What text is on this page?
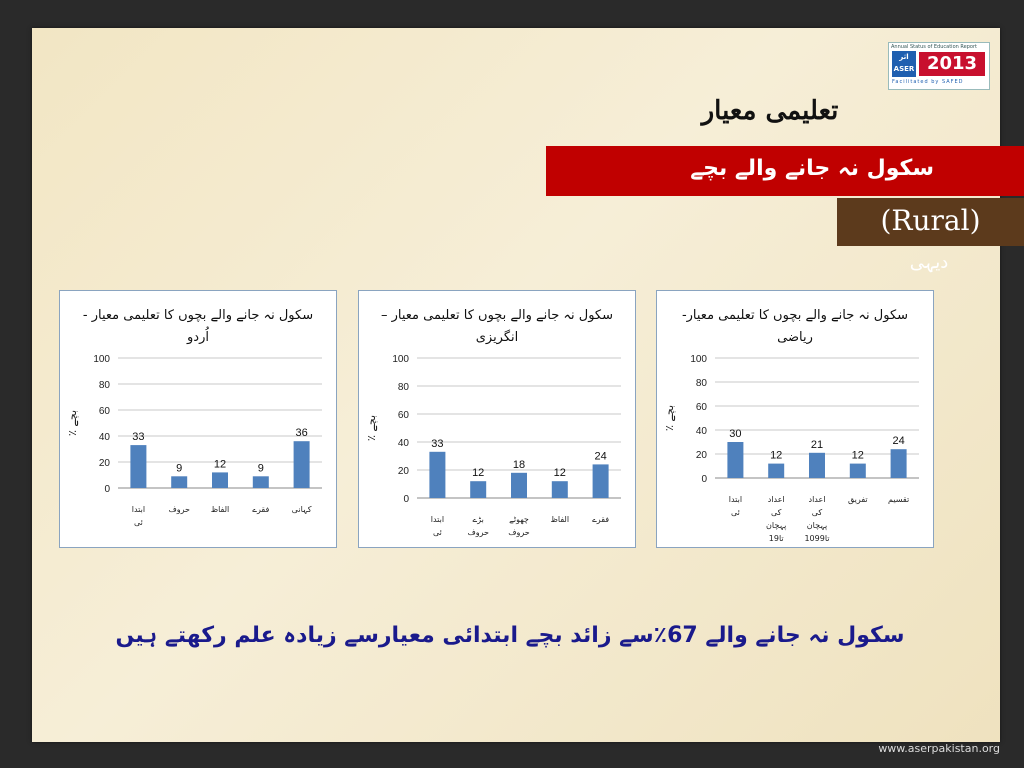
Annual Status of Education Report
اثر
ASER 2013
Facilitated by SAFED
تعلیمی معیار
سکول نہ جانے والے بچے
(Rural)
دیہی
سکول نہ جانے والے بچوں کا تعلیمی معیار - اُردو
0
20
40
60
80
100
٪ بچے
33
ابتدا ئی
9
حروف
12
الفاظ
9
فقرے
36
کہانی
سکول نہ جانے والے بچوں کا تعلیمی معیار –انگریزی
0
20
40
60
80
100
٪ بچے
33
ابتدا ئی
12
بڑے حروف
18
چھوٹے حروف
12
الفاظ
24
فقرے
سکول نہ جانے والے بچوں کا تعلیمی معیار-ریاضی
0
20
40
60
80
100
٪ بچے
30
ابتدا ئی
12
اعداد کی پہچان 1تا9
21
اعداد کی پہچان 10تا99
12
تفریق
24
تقسیم
سکول نہ جانے والے 67٪سے زائد بچے ابتدائی معیارسے زیادہ علم رکھتے ہیں
www.aserpakistan.org
